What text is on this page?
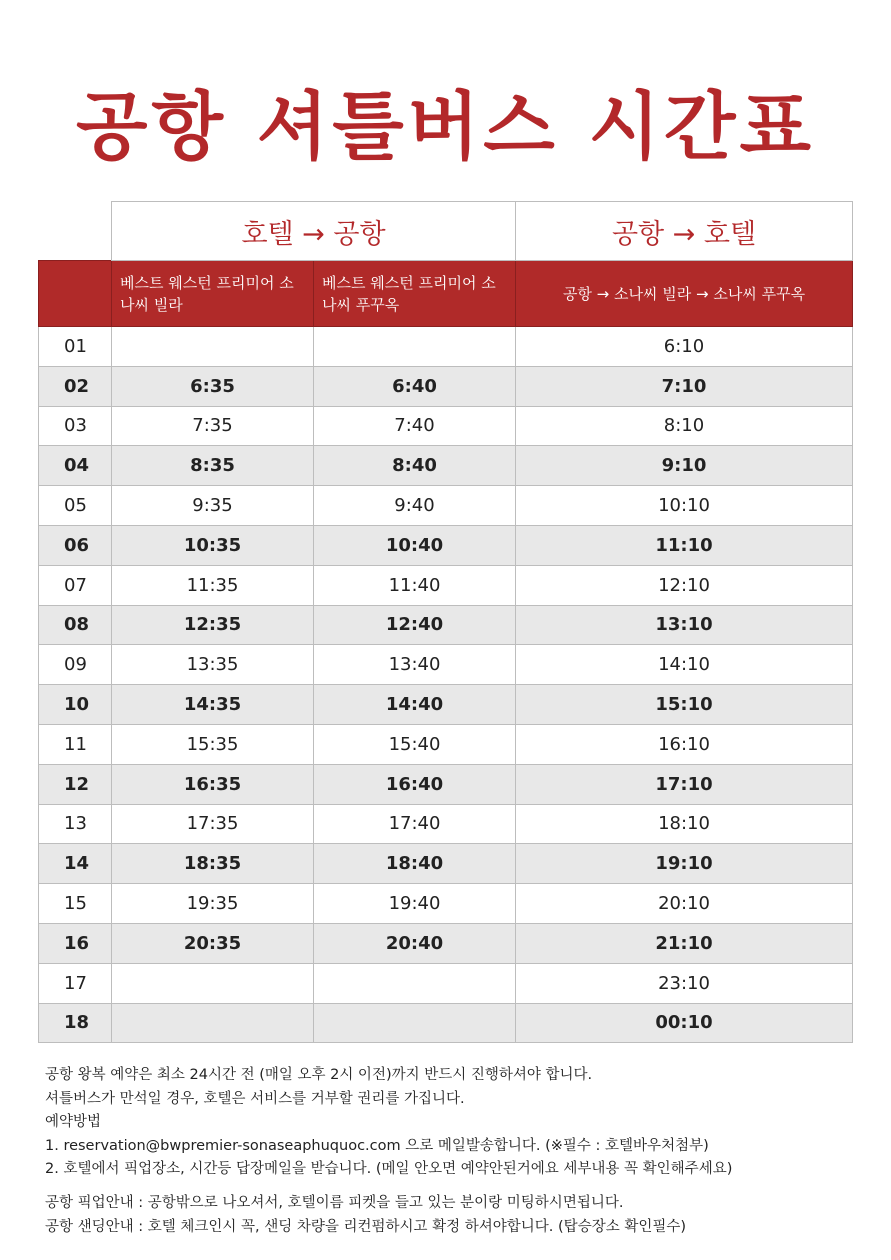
공항 셔틀버스 시간표
	호텔 → 공항		공항 → 호텔
	베스트 웨스턴 프리미어 소나씨 빌라	베스트 웨스턴 프리미어 소나씨 푸꾸옥	공항 → 소나씨 빌라 → 소나씨 푸꾸옥
01			6:10
02	6:35	6:40	7:10
03	7:35	7:40	8:10
04	8:35	8:40	9:10
05	9:35	9:40	10:10
06	10:35	10:40	11:10
07	11:35	11:40	12:10
08	12:35	12:40	13:10
09	13:35	13:40	14:10
10	14:35	14:40	15:10
11	15:35	15:40	16:10
12	16:35	16:40	17:10
13	17:35	17:40	18:10
14	18:35	18:40	19:10
15	19:35	19:40	20:10
16	20:35	20:40	21:10
17			23:10
18			00:10
공항 왕복 예약은 최소 24시간 전 (매일 오후 2시 이전)까지 반드시 진행하셔야 합니다.
셔틀버스가 만석일 경우, 호텔은 서비스를 거부할 권리를 가집니다.
예약방법
1. reservation@bwpremier-sonaseaphuquoc.com 으로 메일발송합니다. (※필수 : 호텔바우처첨부)
2. 호텔에서 픽업장소, 시간등 답장메일을 받습니다. (메일 안오면 예약안된거에요 세부내용 꼭 확인해주세요)
공항 픽업안내 : 공항밖으로 나오셔서, 호텔이름 피켓을 들고 있는 분이랑 미팅하시면됩니다.
공항 샌딩안내 : 호텔 체크인시 꼭, 샌딩 차량을 리컨펌하시고 확정 하셔야합니다. (탑승장소 확인필수)
